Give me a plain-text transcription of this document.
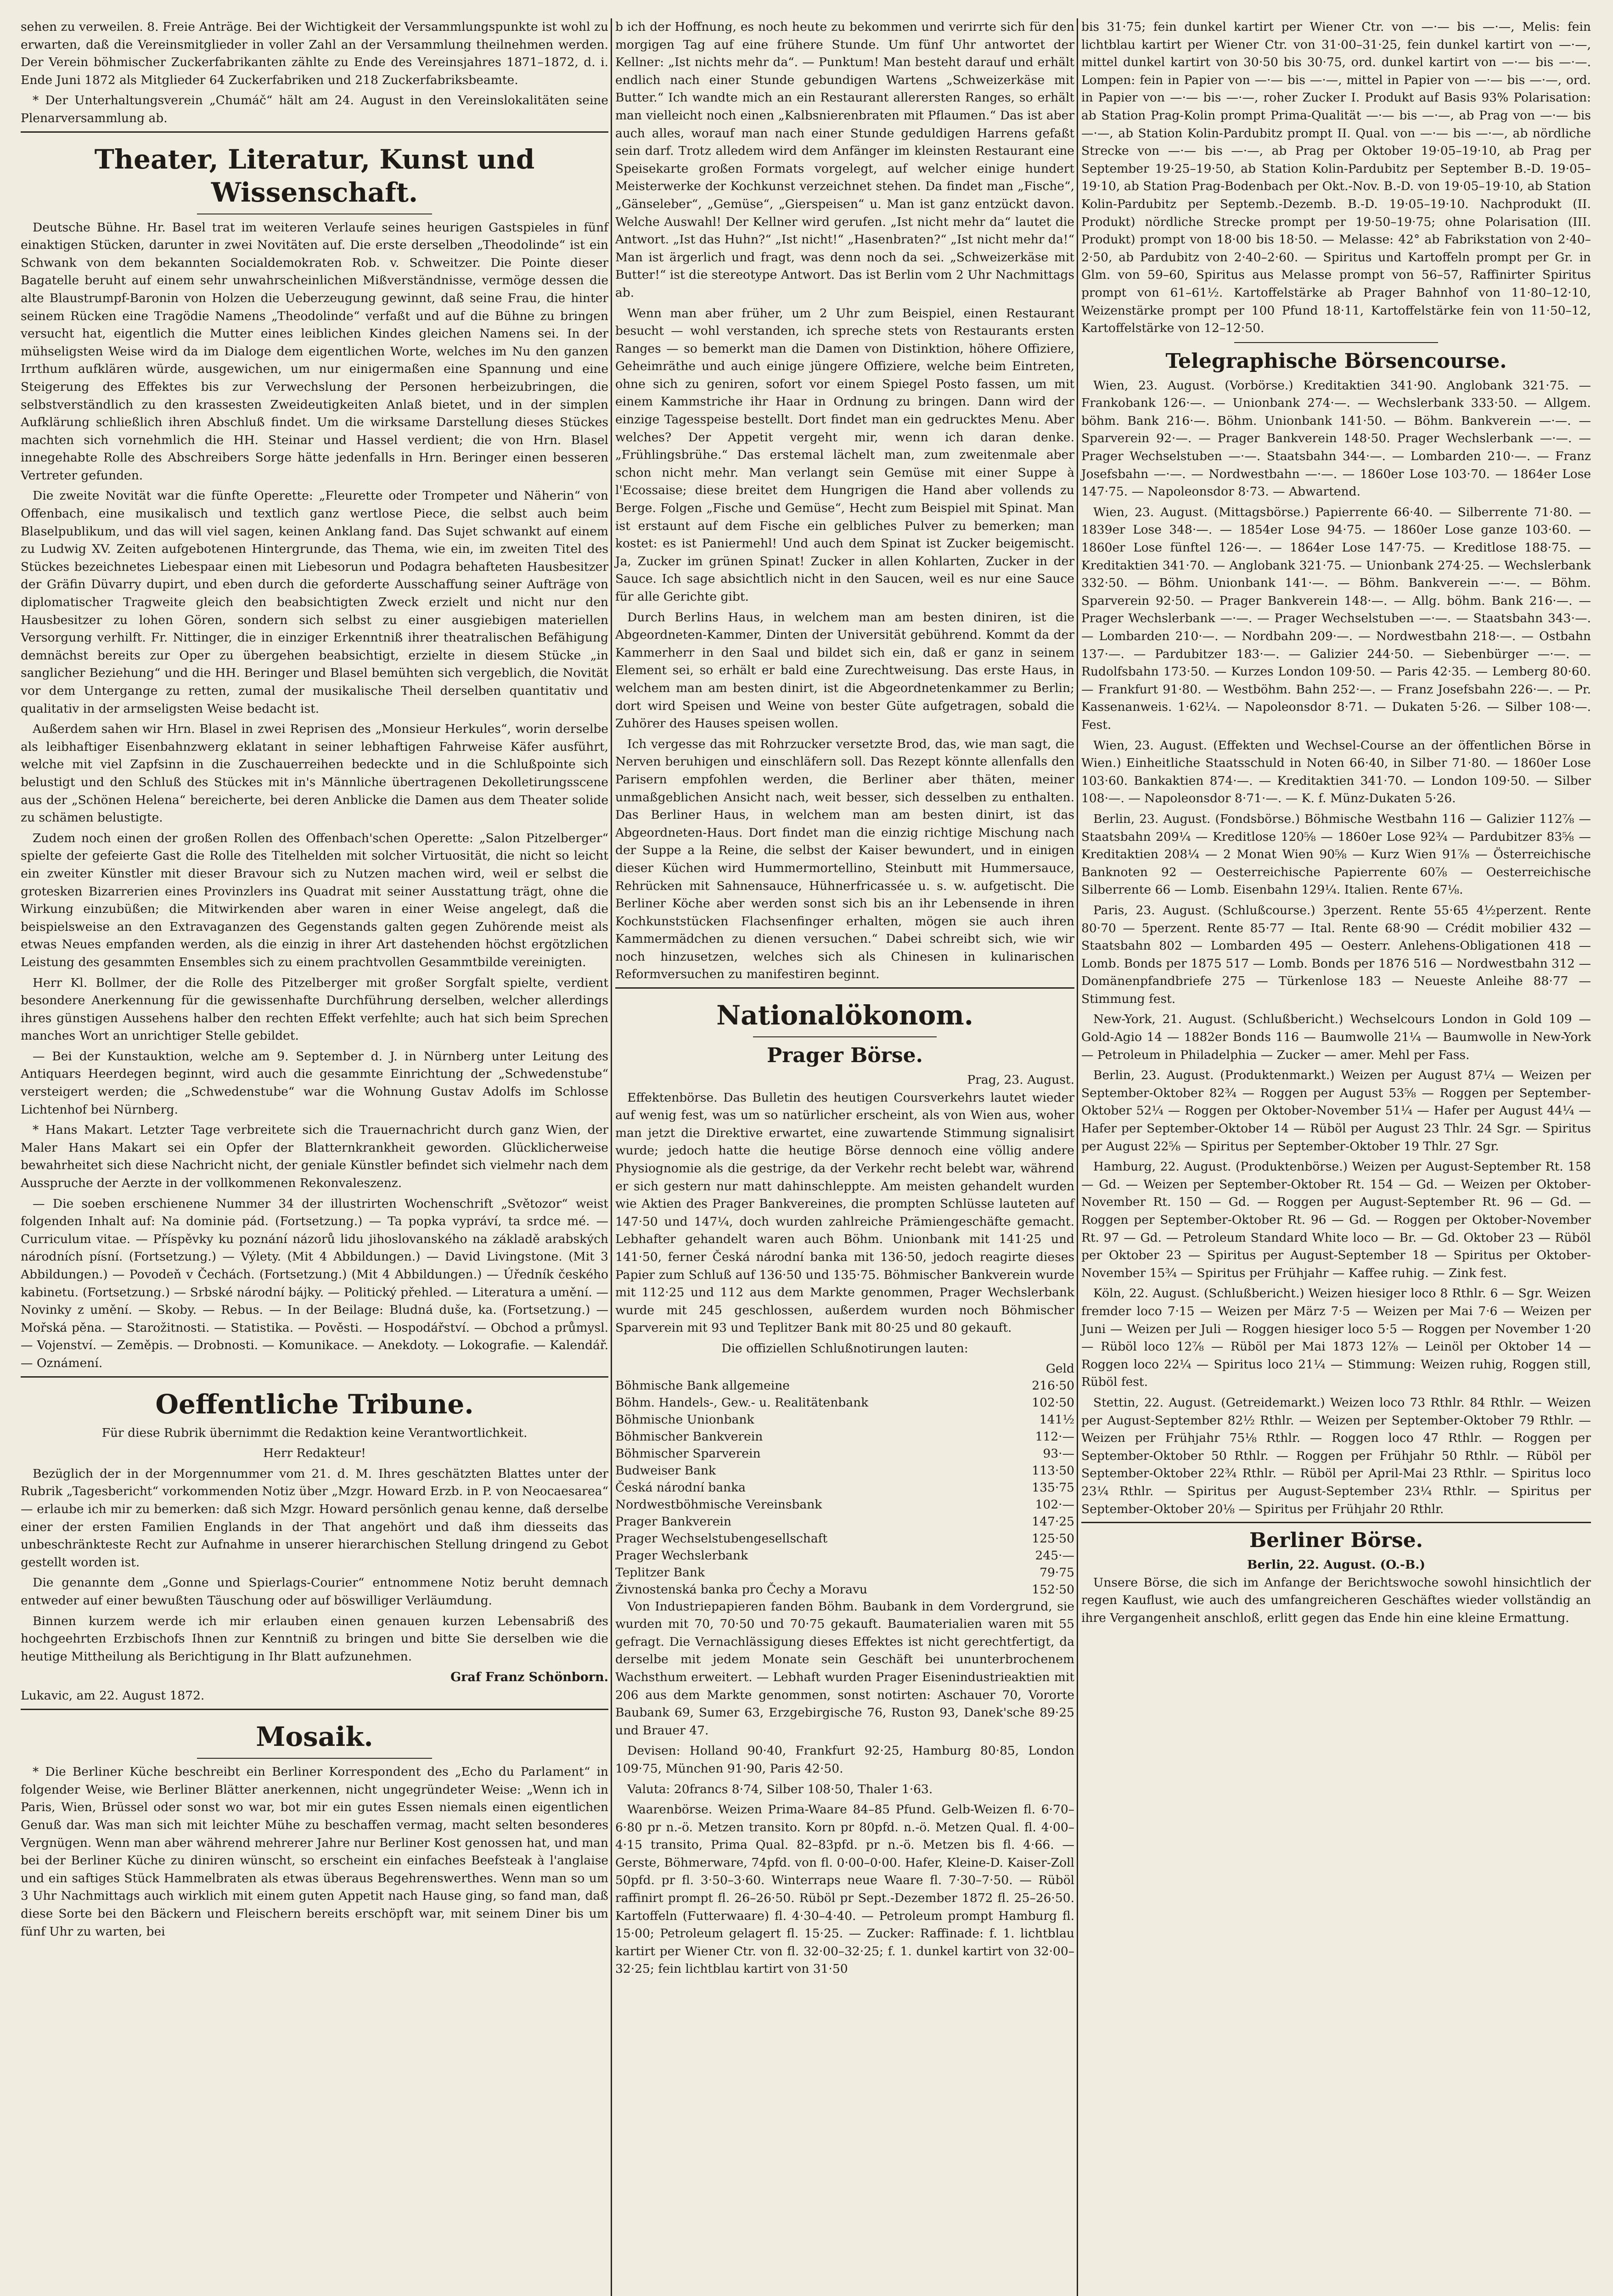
sehen zu verweilen. 8. Freie Anträge. Bei der Wichtigkeit der Versammlungspunkte ist wohl zu erwarten, daß die Vereinsmitglieder in voller Zahl an der Versammlung theilnehmen werden. Der Verein böhmischer Zuckerfabrikanten zählte zu Ende des Vereinsjahres 1871–1872, d. i. Ende Juni 1872 als Mitglieder 64 Zuckerfabriken und 218 Zuckerfabriksbeamte.

* Der Unterhaltungsverein „Chumáč“ hält am 24. August in den Vereinslokalitäten seine Plenarversammlung ab.

Theater, Literatur, Kunst und Wissenschaft.

Deutsche Bühne. Hr. Basel trat im weiteren Verlaufe seines heurigen Gastspieles in fünf einaktigen Stücken, darunter in zwei Novitäten auf. Die erste derselben „Theodolinde“ ist ein Schwank von dem bekannten Socialdemokraten Rob. v. Schweitzer. Die Pointe dieser Bagatelle beruht auf einem sehr unwahrscheinlichen Mißverständnisse, vermöge dessen die alte Blaustrumpf-Baronin von Holzen die Ueberzeugung gewinnt, daß seine Frau, die hinter seinem Rücken eine Tragödie Namens „Theodolinde“ verfaßt und auf die Bühne zu bringen versucht hat, eigentlich die Mutter eines leiblichen Kindes gleichen Namens sei. In der mühseligsten Weise wird da im Dialoge dem eigentlichen Worte, welches im Nu den ganzen Irrthum aufklären würde, ausgewichen, um nur einigermaßen eine Spannung und eine Steigerung des Effektes bis zur Verwechslung der Personen herbeizubringen, die selbstverständlich zu den krassesten Zweideutigkeiten Anlaß bietet, und in der simplen Aufklärung schließlich ihren Abschluß findet. Um die wirksame Darstellung dieses Stückes machten sich vornehmlich die HH. Steinar und Hassel verdient; die von Hrn. Blasel innegehabte Rolle des Abschreibers Sorge hätte jedenfalls in Hrn. Beringer einen besseren Vertreter gefunden.

Die zweite Novität war die fünfte Operette: „Fleurette oder Trompeter und Näherin“ von Offenbach, eine musikalisch und textlich ganz wertlose Piece, die selbst auch beim Blaselpublikum, und das will viel sagen, keinen Anklang fand. Das Sujet schwankt auf einem zu Ludwig XV. Zeiten aufgebotenen Hintergrunde, das Thema, wie ein, im zweiten Titel des Stückes bezeichnetes Liebespaar einen mit Liebesorun und Podagra behafteten Hausbesitzer der Gräfin Düvarry dupirt, und eben durch die geforderte Ausschaffung seiner Aufträge von diplomatischer Tragweite gleich den beabsichtigten Zweck erzielt und nicht nur den Hausbesitzer zu lohen Gören, sondern sich selbst zu einer ausgiebigen materiellen Versorgung verhilft. Fr. Nittinger, die in einziger Erkenntniß ihrer theatralischen Befähigung demnächst bereits zur Oper zu übergehen beabsichtigt, erzielte in diesem Stücke „in sanglicher Beziehung“ und die HH. Beringer und Blasel bemühten sich vergeblich, die Novität vor dem Untergange zu retten, zumal der musikalische Theil derselben quantitativ und qualitativ in der armseligsten Weise bedacht ist.

Außerdem sahen wir Hrn. Blasel in zwei Reprisen des „Monsieur Herkules“, worin derselbe als leibhaftiger Eisenbahnzwerg eklatant in seiner lebhaftigen Fahrweise Käfer ausführt, welche mit viel Zapfsinn in die Zuschauerreihen bedeckte und in die Schlußpointe sich belustigt und den Schluß des Stückes mit in's Männliche übertragenen Dekolletirungsscene aus der „Schönen Helena“ bereicherte, bei deren Anblicke die Damen aus dem Theater solide zu schämen belustigte.

Zudem noch einen der großen Rollen des Offenbach'schen Operette: „Salon Pitzelberger“ spielte der gefeierte Gast die Rolle des Titelhelden mit solcher Virtuosität, die nicht so leicht ein zweiter Künstler mit dieser Bravour sich zu Nutzen machen wird, weil er selbst die grotesken Bizarrerien eines Provinzlers ins Quadrat mit seiner Ausstattung trägt, ohne die Wirkung einzubüßen; die Mitwirkenden aber waren in einer Weise angelegt, daß die beispielsweise an den Extravaganzen des Gegenstands galten gegen Zuhörende meist als etwas Neues empfanden werden, als die einzig in ihrer Art dastehenden höchst ergötzlichen Leistung des gesammten Ensembles sich zu einem prachtvollen Gesammtbilde vereinigten.

Herr Kl. Bollmer, der die Rolle des Pitzelberger mit großer Sorgfalt spielte, verdient besondere Anerkennung für die gewissenhafte Durchführung derselben, welcher allerdings ihres günstigen Aussehens halber den rechten Effekt verfehlte; auch hat sich beim Sprechen manches Wort an unrichtiger Stelle gebildet.

— Bei der Kunstauktion, welche am 9. September d. J. in Nürnberg unter Leitung des Antiquars Heerdegen beginnt, wird auch die gesammte Einrichtung der „Schwedenstube“ versteigert werden; die „Schwedenstube“ war die Wohnung Gustav Adolfs im Schlosse Lichtenhof bei Nürnberg.

* Hans Makart. Letzter Tage verbreitete sich die Trauernachricht durch ganz Wien, der Maler Hans Makart sei ein Opfer der Blatternkrankheit geworden. Glücklicherweise bewahrheitet sich diese Nachricht nicht, der geniale Künstler befindet sich vielmehr nach dem Ausspruche der Aerzte in der vollkommenen Rekonvaleszenz.

— Die soeben erschienene Nummer 34 der illustrirten Wochenschrift „Světozor“ weist folgenden Inhalt auf: Na dominie pád. (Fortsetzung.) — Ta popka vypráví, ta srdce mé. — Curriculum vitae. — Příspěvky ku poznání názorů lidu jihoslovanského na základě arabských národních písní. (Fortsetzung.) — Výlety. (Mit 4 Abbildungen.) — David Livingstone. (Mit 3 Abbildungen.) — Povodeň v Čechách. (Fortsetzung.) (Mit 4 Abbildungen.) — Úředník českého kabinetu. (Fortsetzung.) — Srbské národní bájky. — Politický přehled. — Literatura a umění. — Novinky z umění. — Skoby. — Rebus. — In der Beilage: Bludná duše, ka. (Fortsetzung.) — Mořská pěna. — Starožitnosti. — Statistika. — Pověsti. — Hospodářství. — Obchod a průmysl. — Vojenství. — Zeměpis. — Drobnosti. — Komunikace. — Anekdoty. — Lokografie. — Kalendář. — Oznámení.

Oeffentliche Tribune.
Für diese Rubrik übernimmt die Redaktion keine Verantwortlichkeit.
Herr Redakteur!

Bezüglich der in der Morgennummer vom 21. d. M. Ihres geschätzten Blattes unter der Rubrik „Tagesbericht“ vorkommenden Notiz über „Mzgr. Howard Erzb. in P. von Neocaesarea“ — erlaube ich mir zu bemerken: daß sich Mzgr. Howard persönlich genau kenne, daß derselbe einer der ersten Familien Englands in der That angehört und daß ihm diesseits das unbeschränkteste Recht zur Aufnahme in unserer hierarchischen Stellung dringend zu Gebot gestellt worden ist.

Die genannte dem „Gonne und Spierlags-Courier“ entnommene Notiz beruht demnach entweder auf einer bewußten Täuschung oder auf böswilliger Verläumdung.

Binnen kurzem werde ich mir erlauben einen genauen kurzen Lebensabriß des hochgeehrten Erzbischofs Ihnen zur Kenntniß zu bringen und bitte Sie derselben wie die heutige Mittheilung als Berichtigung in Ihr Blatt aufzunehmen.

Graf Franz Schönborn.
Lukavic, am 22. August 1872.
Mosaik.

* Die Berliner Küche beschreibt ein Berliner Korrespondent des „Echo du Parlament“ in folgender Weise, wie Berliner Blätter anerkennen, nicht ungegründeter Weise: „Wenn ich in Paris, Wien, Brüssel oder sonst wo war, bot mir ein gutes Essen niemals einen eigentlichen Genuß dar. Was man sich mit leichter Mühe zu beschaffen vermag, macht selten besonderes Vergnügen. Wenn man aber während mehrerer Jahre nur Berliner Kost genossen hat, und man bei der Berliner Küche zu diniren wünscht, so erscheint ein einfaches Beefsteak à l'anglaise und ein saftiges Stück Hammelbraten als etwas überaus Begehrenswerthes. Wenn man so um 3 Uhr Nachmittags auch wirklich mit einem guten Appetit nach Hause ging, so fand man, daß diese Sorte bei den Bäckern und Fleischern bereits erschöpft war, mit seinem Diner bis um fünf Uhr zu warten, bei

b ich der Hoffnung, es noch heute zu bekommen und verirrte sich für den morgigen Tag auf eine frühere Stunde. Um fünf Uhr antwortet der Kellner: „Ist nichts mehr da“. — Punktum! Man besteht darauf und erhält endlich nach einer Stunde gebundigen Wartens „Schweizerkäse mit Butter.“ Ich wandte mich an ein Restaurant allerersten Ranges, so erhält man vielleicht noch einen „Kalbsnierenbraten mit Pflaumen.“ Das ist aber auch alles, worauf man nach einer Stunde geduldigen Harrens gefaßt sein darf. Trotz alledem wird dem Anfänger im kleinsten Restaurant eine Speisekarte großen Formats vorgelegt, auf welcher einige hundert Meisterwerke der Kochkunst verzeichnet stehen. Da findet man „Fische“, „Gänseleber“, „Gemüse“, „Gierspeisen“ u. Man ist ganz entzückt davon. Welche Auswahl! Der Kellner wird gerufen. „Ist nicht mehr da“ lautet die Antwort. „Ist das Huhn?“ „Ist nicht!“ „Hasenbraten?“ „Ist nicht mehr da!“ Man ist ärgerlich und fragt, was denn noch da sei. „Schweizerkäse mit Butter!“ ist die stereotype Antwort. Das ist Berlin vom 2 Uhr Nachmittags ab.

Wenn man aber früher, um 2 Uhr zum Beispiel, einen Restaurant besucht — wohl verstanden, ich spreche stets von Restaurants ersten Ranges — so bemerkt man die Damen von Distinktion, höhere Offiziere, Geheimräthe und auch einige jüngere Offiziere, welche beim Eintreten, ohne sich zu geniren, sofort vor einem Spiegel Posto fassen, um mit einem Kammstriche ihr Haar in Ordnung zu bringen. Dann wird der einzige Tagesspeise bestellt. Dort findet man ein gedrucktes Menu. Aber welches? Der Appetit vergeht mir, wenn ich daran denke. „Frühlingsbrühe.“ Das erstemal lächelt man, zum zweitenmale aber schon nicht mehr. Man verlangt sein Gemüse mit einer Suppe à l'Ecossaise; diese breitet dem Hungrigen die Hand aber vollends zu Berge. Folgen „Fische und Gemüse“, Hecht zum Beispiel mit Spinat. Man ist erstaunt auf dem Fische ein gelbliches Pulver zu bemerken; man kostet: es ist Paniermehl! Und auch dem Spinat ist Zucker beigemischt. Ja, Zucker im grünen Spinat! Zucker in allen Kohlarten, Zucker in der Sauce. Ich sage absichtlich nicht in den Saucen, weil es nur eine Sauce für alle Gerichte gibt.

Durch Berlins Haus, in welchem man am besten diniren, ist die Abgeordneten-Kammer, Dinten der Universität gebührend. Kommt da der Kammerherr in den Saal und bildet sich ein, daß er ganz in seinem Element sei, so erhält er bald eine Zurechtweisung. Das erste Haus, in welchem man am besten dinirt, ist die Abgeordnetenkammer zu Berlin; dort wird Speisen und Weine von bester Güte aufgetragen, sobald die Zuhörer des Hauses speisen wollen.

Ich vergesse das mit Rohrzucker versetzte Brod, das, wie man sagt, die Nerven beruhigen und einschläfern soll. Das Rezept könnte allenfalls den Parisern empfohlen werden, die Berliner aber thäten, meiner unmaßgeblichen Ansicht nach, weit besser, sich desselben zu enthalten. Das Berliner Haus, in welchem man am besten dinirt, ist das Abgeordneten-Haus. Dort findet man die einzig richtige Mischung nach der Suppe a la Reine, die selbst der Kaiser bewundert, und in einigen dieser Küchen wird Hummermortellino, Steinbutt mit Hummersauce, Rehrücken mit Sahnensauce, Hühnerfricassée u. s. w. aufgetischt. Die Berliner Köche aber werden sonst sich bis an ihr Lebensende in ihren Kochkunststücken Flachsenfinger erhalten, mögen sie auch ihren Kammermädchen zu dienen versuchen.“ Dabei schreibt sich, wie wir noch hinzusetzen, welches sich als Chinesen in kulinarischen Reformversuchen zu manifestiren beginnt.

Nationalökonom.
Prager Börse.
Prag, 23. August.

Effektenbörse. Das Bulletin des heutigen Coursverkehrs lautet wieder auf wenig fest, was um so natürlicher erscheint, als von Wien aus, woher man jetzt die Direktive erwartet, eine zuwartende Stimmung signalisirt wurde; jedoch hatte die heutige Börse dennoch eine völlig andere Physiognomie als die gestrige, da der Verkehr recht belebt war, während er sich gestern nur matt dahinschleppte. Am meisten gehandelt wurden wie Aktien des Prager Bankvereines, die prompten Schlüsse lauteten auf 147·50 und 147¼, doch wurden zahlreiche Prämiengeschäfte gemacht. Lebhafter gehandelt waren auch Böhm. Unionbank mit 141·25 und 141·50, ferner Česká národní banka mit 136·50, jedoch reagirte dieses Papier zum Schluß auf 136·50 und 135·75. Böhmischer Bankverein wurde mit 112·25 und 112 aus dem Markte genommen, Prager Wechslerbank wurde mit 245 geschlossen, außerdem wurden noch Böhmischer Sparverein mit 93 und Teplitzer Bank mit 80·25 und 80 gekauft.

Die offiziellen Schlußnotirungen lauten:
Geld
Böhmische Bank allgemeine	216·50
Böhm. Handels-, Gew.- u. Realitätenbank	102·50
Böhmische Unionbank	141½
Böhmischer Bankverein	112·—
Böhmischer Sparverein	93·—
Budweiser Bank	113·50
Česká národní banka	135·75
Nordwestböhmische Vereinsbank	102·—
Prager Bankverein	147·25
Prager Wechselstubengesellschaft	125·50
Prager Wechslerbank	245·—
Teplitzer Bank	79·75
Živnostenská banka pro Čechy a Moravu	152·50

Von Industriepapieren fanden Böhm. Baubank in dem Vordergrund, sie wurden mit 70, 70·50 und 70·75 gekauft. Baumaterialien waren mit 55 gefragt. Die Vernachlässigung dieses Effektes ist nicht gerechtfertigt, da derselbe mit jedem Monate sein Geschäft bei ununterbrochenem Wachsthum erweitert. — Lebhaft wurden Prager Eisenindustrieaktien mit 206 aus dem Markte genommen, sonst notirten: Aschauer 70, Vororte Baubank 69, Sumer 63, Erzgebirgische 76, Ruston 93, Danek'sche 89·25 und Brauer 47.

Devisen: Holland 90·40, Frankfurt 92·25, Hamburg 80·85, London 109·75, München 91·90, Paris 42·50.

Valuta: 20francs 8·74, Silber 108·50, Thaler 1·63.

Waarenbörse. Weizen Prima-Waare 84–85 Pfund. Gelb-Weizen fl. 6·70–6·80 pr n.-ö. Metzen transito. Korn pr 80pfd. n.-ö. Metzen Qual. fl. 4·00–4·15 transito, Prima Qual. 82–83pfd. pr n.-ö. Metzen bis fl. 4·66. — Gerste, Böhmerware, 74pfd. von fl. 0·00–0·00. Hafer, Kleine-D. Kaiser-Zoll 50pfd. pr fl. 3·50–3·60. Winterraps neue Waare fl. 7·30–7·50. — Rüböl raffinirt prompt fl. 26–26·50. Rüböl pr Sept.-Dezember 1872 fl. 25–26·50. Kartoffeln (Futterwaare) fl. 4·30–4·40. — Petroleum prompt Hamburg fl. 15·00; Petroleum gelagert fl. 15·25. — Zucker: Raffinade: f. 1. lichtblau kartirt per Wiener Ctr. von fl. 32·00–32·25; f. 1. dunkel kartirt von 32·00–32·25; fein lichtblau kartirt von 31·50

bis 31·75; fein dunkel kartirt per Wiener Ctr. von —·— bis —·—, Melis: fein lichtblau kartirt per Wiener Ctr. von 31·00–31·25, fein dunkel kartirt von —·—, mittel dunkel kartirt von 30·50 bis 30·75, ord. dunkel kartirt von —·— bis —·—. Lompen: fein in Papier von —·— bis —·—, mittel in Papier von —·— bis —·—, ord. in Papier von —·— bis —·—, roher Zucker I. Produkt auf Basis 93% Polarisation: ab Station Prag-Kolin prompt Prima-Qualität —·— bis —·—, ab Prag von —·— bis —·—, ab Station Kolin-Pardubitz prompt II. Qual. von —·— bis —·—, ab nördliche Strecke von —·— bis —·—, ab Prag per Oktober 19·05–19·10, ab Prag per September 19·25–19·50, ab Station Kolin-Pardubitz per September B.-D. 19·05–19·10, ab Station Prag-Bodenbach per Okt.-Nov. B.-D. von 19·05–19·10, ab Station Kolin-Pardubitz per Septemb.-Dezemb. B.-D. 19·05–19·10. Nachprodukt (II. Produkt) nördliche Strecke prompt per 19·50–19·75; ohne Polarisation (III. Produkt) prompt von 18·00 bis 18·50. — Melasse: 42° ab Fabrikstation von 2·40–2·50, ab Pardubitz von 2·40–2·60. — Spiritus und Kartoffeln prompt per Gr. in Glm. von 59–60, Spiritus aus Melasse prompt von 56–57, Raffinirter Spiritus prompt von 61–61½. Kartoffelstärke ab Prager Bahnhof von 11·80–12·10, Weizenstärke prompt per 100 Pfund 18·11, Kartoffelstärke fein von 11·50–12, Kartoffelstärke von 12–12·50.

Telegraphische Börsencourse.

Wien, 23. August. (Vorbörse.) Kreditaktien 341·90. Anglobank 321·75. — Frankobank 126·—. — Unionbank 274·—. — Wechslerbank 333·50. — Allgem. böhm. Bank 216·—. Böhm. Unionbank 141·50. — Böhm. Bankverein —·—. — Sparverein 92·—. — Prager Bankverein 148·50. Prager Wechslerbank —·—. — Prager Wechselstuben —·—. Staatsbahn 344·—. — Lombarden 210·—. — Franz Josefsbahn —·—. — Nordwestbahn —·—. — 1860er Lose 103·70. — 1864er Lose 147·75. — Napoleonsdor 8·73. — Abwartend.

Wien, 23. August. (Mittagsbörse.) Papierrente 66·40. — Silberrente 71·80. — 1839er Lose 348·—. — 1854er Lose 94·75. — 1860er Lose ganze 103·60. — 1860er Lose fünftel 126·—. — 1864er Lose 147·75. — Kreditlose 188·75. — Kreditaktien 341·70. — Anglobank 321·75. — Unionbank 274·25. — Wechslerbank 332·50. — Böhm. Unionbank 141·—. — Böhm. Bankverein —·—. — Böhm. Sparverein 92·50. — Prager Bankverein 148·—. — Allg. böhm. Bank 216·—. — Prager Wechslerbank —·—. — Prager Wechselstuben —·—. — Staatsbahn 343·—. — Lombarden 210·—. — Nordbahn 209·—. — Nordwestbahn 218·—. — Ostbahn 137·—. — Pardubitzer 183·—. — Galizier 244·50. — Siebenbürger —·—. — Rudolfsbahn 173·50. — Kurzes London 109·50. — Paris 42·35. — Lemberg 80·60. — Frankfurt 91·80. — Westböhm. Bahn 252·—. — Franz Josefsbahn 226·—. — Pr. Kassenanweis. 1·62¼. — Napoleonsdor 8·71. — Dukaten 5·26. — Silber 108·—. Fest.

Wien, 23. August. (Effekten und Wechsel-Course an der öffentlichen Börse in Wien.) Einheitliche Staatsschuld in Noten 66·40, in Silber 71·80. — 1860er Lose 103·60. Bankaktien 874·—. — Kreditaktien 341·70. — London 109·50. — Silber 108·—. — Napoleonsdor 8·71·—. — K. f. Münz-Dukaten 5·26.

Berlin, 23. August. (Fondsbörse.) Böhmische Westbahn 116 — Galizier 112⅞ — Staatsbahn 209¼ — Kreditlose 120⅝ — 1860er Lose 92¾ — Pardubitzer 83⅝ — Kreditaktien 208¼ — 2 Monat Wien 90⅝ — Kurz Wien 91⅞ — Österreichische Banknoten 92 — Oesterreichische Papierrente 60⅞ — Oesterreichische Silberrente 66 — Lomb. Eisenbahn 129¼. Italien. Rente 67⅛.

Paris, 23. August. (Schlußcourse.) 3perzent. Rente 55·65 4½perzent. Rente 80·70 — 5perzent. Rente 85·77 — Ital. Rente 68·90 — Crédit mobilier 432 — Staatsbahn 802 — Lombarden 495 — Oesterr. Anlehens-Obligationen 418 — Lomb. Bonds per 1875 517 — Lomb. Bonds per 1876 516 — Nordwestbahn 312 — Domänenpfandbriefe 275 — Türkenlose 183 — Neueste Anleihe 88·77 — Stimmung fest.

New-York, 21. August. (Schlußbericht.) Wechselcours London in Gold 109 — Gold-Agio 14 — 1882er Bonds 116 — Baumwolle 21¼ — Baumwolle in New-York — Petroleum in Philadelphia — Zucker — amer. Mehl per Fass.

Berlin, 23. August. (Produktenmarkt.) Weizen per August 87¼ — Weizen per September-Oktober 82¾ — Roggen per August 53⅝ — Roggen per September-Oktober 52¼ — Roggen per Oktober-November 51¼ — Hafer per August 44¼ — Hafer per September-Oktober 14 — Rüböl per August 23 Thlr. 24 Sgr. — Spiritus per August 22⅝ — Spiritus per September-Oktober 19 Thlr. 27 Sgr.

Hamburg, 22. August. (Produktenbörse.) Weizen per August-September Rt. 158 — Gd. — Weizen per September-Oktober Rt. 154 — Gd. — Weizen per Oktober-November Rt. 150 — Gd. — Roggen per August-September Rt. 96 — Gd. — Roggen per September-Oktober Rt. 96 — Gd. — Roggen per Oktober-November Rt. 97 — Gd. — Petroleum Standard White loco — Br. — Gd. Oktober 23 — Rüböl per Oktober 23 — Spiritus per August-September 18 — Spiritus per Oktober-November 15¾ — Spiritus per Frühjahr — Kaffee ruhig. — Zink fest.

Köln, 22. August. (Schlußbericht.) Weizen hiesiger loco 8 Rthlr. 6 — Sgr. Weizen fremder loco 7·15 — Weizen per März 7·5 — Weizen per Mai 7·6 — Weizen per Juni — Weizen per Juli — Roggen hiesiger loco 5·5 — Roggen per November 1·20 — Rüböl loco 12⅞ — Rüböl per Mai 1873 12⅞ — Leinöl per Oktober 14 — Roggen loco 22¼ — Spiritus loco 21¼ — Stimmung: Weizen ruhig, Roggen still, Rüböl fest.

Stettin, 22. August. (Getreidemarkt.) Weizen loco 73 Rthlr. 84 Rthlr. — Weizen per August-September 82½ Rthlr. — Weizen per September-Oktober 79 Rthlr. — Weizen per Frühjahr 75⅛ Rthlr. — Roggen loco 47 Rthlr. — Roggen per September-Oktober 50 Rthlr. — Roggen per Frühjahr 50 Rthlr. — Rüböl per September-Oktober 22¾ Rthlr. — Rüböl per April-Mai 23 Rthlr. — Spiritus loco 23¼ Rthlr. — Spiritus per August-September 23¼ Rthlr. — Spiritus per September-Oktober 20⅛ — Spiritus per Frühjahr 20 Rthlr.

Berliner Börse.
Berlin, 22. August. (O.-B.)

Unsere Börse, die sich im Anfange der Berichtswoche sowohl hinsichtlich der regen Kauflust, wie auch des umfangreicheren Geschäftes wieder vollständig an ihre Vergangenheit anschloß, erlitt gegen das Ende hin eine kleine Ermattung.
